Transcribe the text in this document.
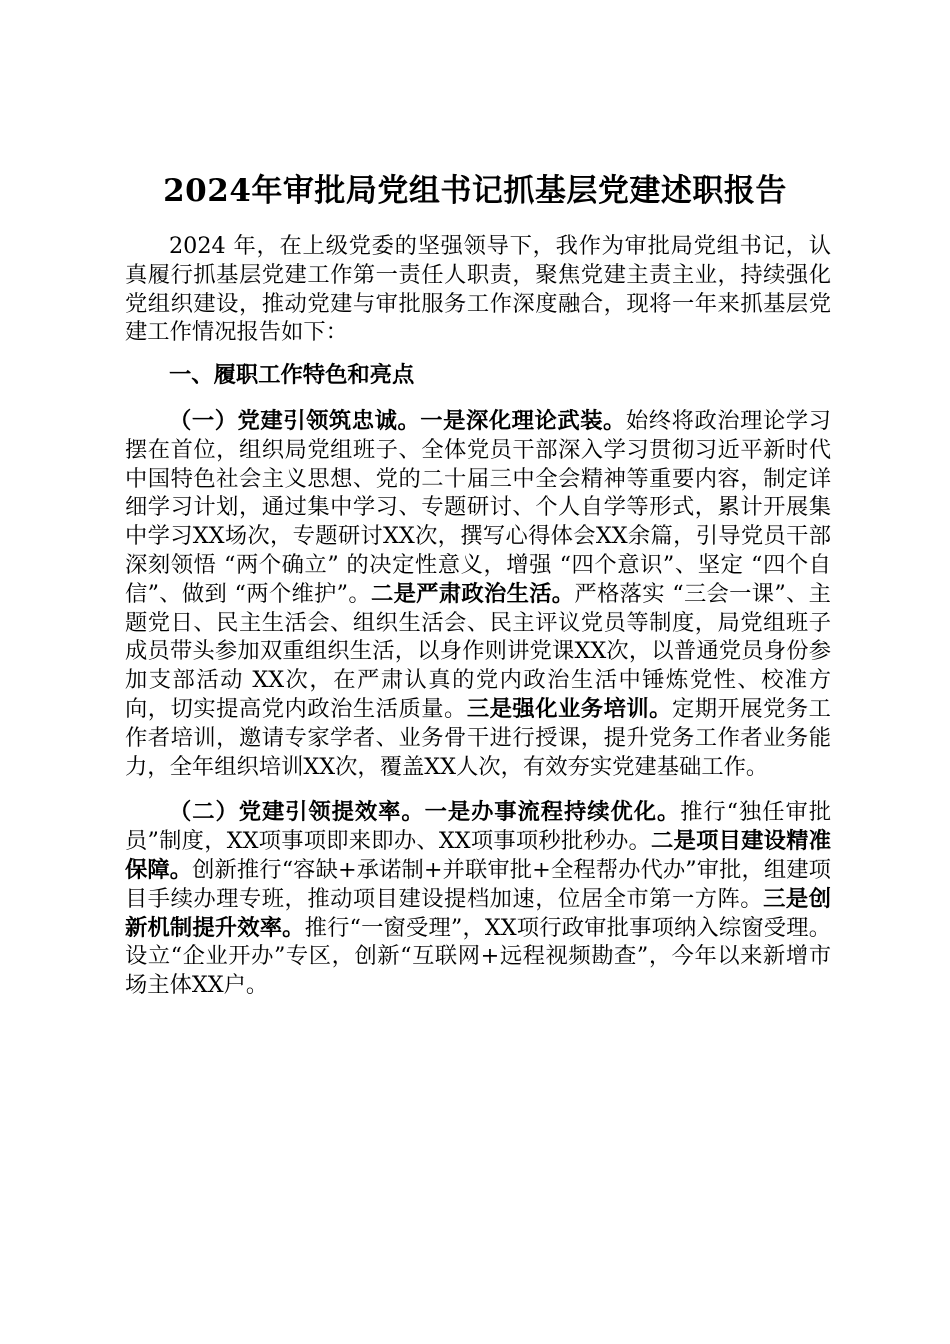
2024年审批局党组书记抓基层党建述职报告

2024 年，在上级党委的坚强领导下，我作为审批局党组书记，认真履行抓基层党建工作第一责任人职责，聚焦党建主责主业，持续强化党组织建设，推动党建与审批服务工作深度融合，现将一年来抓基层党建工作情况报告如下：

一、履职工作特色和亮点

（一）党建引领筑忠诚。一是深化理论武装。始终将政治理论学习摆在首位，组织局党组班子、全体党员干部深入学习贯彻习近平新时代中国特色社会主义思想、党的二十届三中全会精神等重要内容，制定详细学习计划，通过集中学习、专题研讨、个人自学等形式，累计开展集中学习XX场次，专题研讨XX次，撰写心得体会XX余篇，引导党员干部深刻领悟 “两个确立” 的决定性意义，增强 “四个意识”、坚定 “四个自信”、做到 “两个维护”。二是严肃政治生活。严格落实 “三会一课”、主题党日、民主生活会、组织生活会、民主评议党员等制度，局党组班子成员带头参加双重组织生活，以身作则讲党课XX次，以普通党员身份参加支部活动 XX次，在严肃认真的党内政治生活中锤炼党性、校准方向，切实提高党内政治生活质量。三是强化业务培训。定期开展党务工作者培训，邀请专家学者、业务骨干进行授课，提升党务工作者业务能力，全年组织培训XX次，覆盖XX人次，有效夯实党建基础工作。

（二）党建引领提效率。一是办事流程持续优化。推行“独任审批员”制度，XX项事项即来即办、XX项事项秒批秒办。二是项目建设精准保障。创新推行“容缺+承诺制+并联审批+全程帮办代办”审批，组建项目手续办理专班，推动项目建设提档加速，位居全市第一方阵。三是创新机制提升效率。推行“一窗受理”，XX项行政审批事项纳入综窗受理。设立“企业开办”专区，创新“互联网+远程视频勘查”，今年以来新增市场主体XX户。
